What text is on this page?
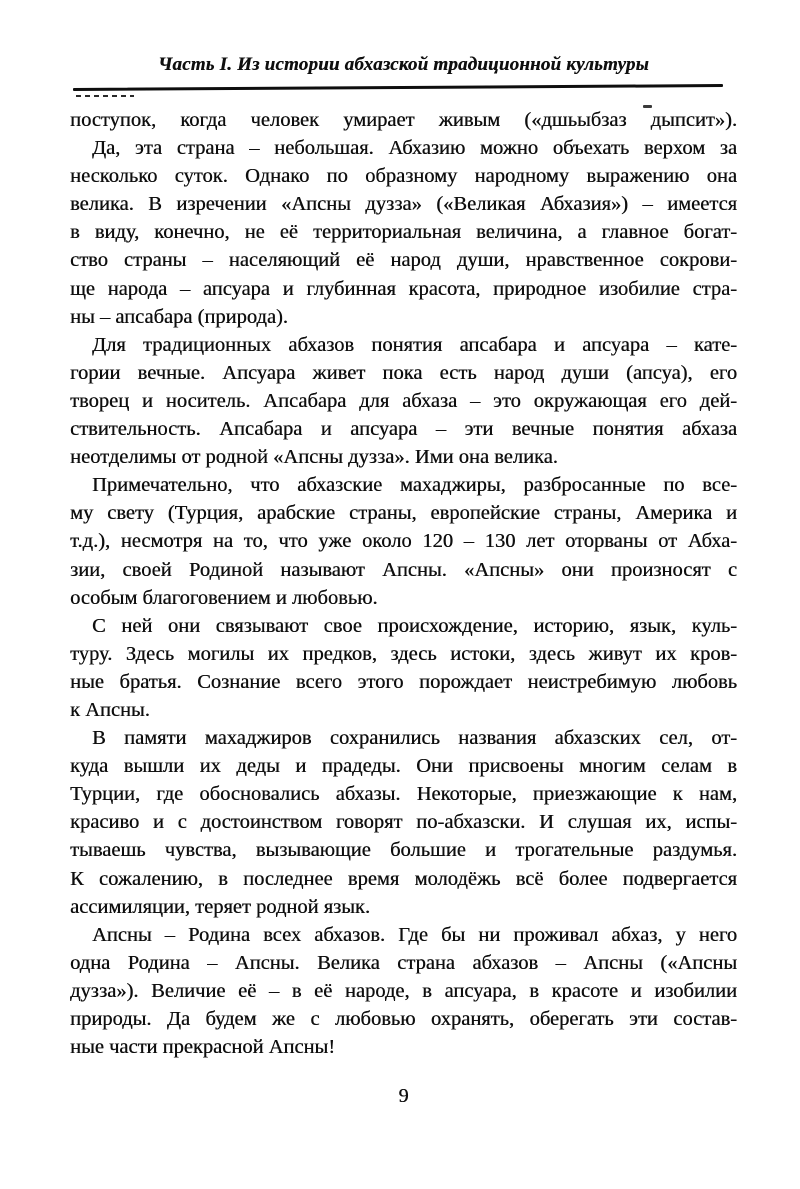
Часть I. Из истории абхазской традиционной культуры
поступок, когда человек умирает живым («дшьыбзаз дыпсит»).
Да, эта страна – небольшая. Абхазию можно объехать верхом за
несколько суток. Однако по образному народному выражению она
велика. В изречении «Апсны дузза» («Великая Абхазия») – имеется
в виду, конечно, не её территориальная величина, а главное богат-
ство страны – населяющий её народ души, нравственное сокрови-
ще народа – апсуара и глубинная красота, природное изобилие стра-
ны – апсабара (природа).
Для традиционных абхазов понятия апсабара и апсуара – кате-
гории вечные. Апсуара живет пока есть народ души (апсуа), его
творец и носитель. Апсабара для абхаза – это окружающая его дей-
ствительность. Апсабара и апсуара – эти вечные понятия абхаза
неотделимы от родной «Апсны дузза». Ими она велика.
Примечательно, что абхазские махаджиры, разбросанные по все-
му свету (Турция, арабские страны, европейские страны, Америка и
т.д.), несмотря на то, что уже около 120 – 130 лет оторваны от Абха-
зии, своей Родиной называют Апсны. «Апсны» они произносят с
особым благоговением и любовью.
С ней они связывают свое происхождение, историю, язык, куль-
туру. Здесь могилы их предков, здесь истоки, здесь живут их кров-
ные братья. Сознание всего этого порождает неистребимую любовь
к Апсны.
В памяти махаджиров сохранились названия абхазских сел, от-
куда вышли их деды и прадеды. Они присвоены многим селам в
Турции, где обосновались абхазы. Некоторые, приезжающие к нам,
красиво и с достоинством говорят по-абхазски. И слушая их, испы-
тываешь чувства, вызывающие большие и трогательные раздумья.
К сожалению, в последнее время молодёжь всё более подвергается
ассимиляции, теряет родной язык.
Апсны – Родина всех абхазов. Где бы ни проживал абхаз, у него
одна Родина – Апсны. Велика страна абхазов – Апсны («Апсны
дузза»). Величие её – в её народе, в апсуара, в красоте и изобилии
природы. Да будем же с любовью охранять, оберегать эти состав-
ные части прекрасной Апсны!
9
